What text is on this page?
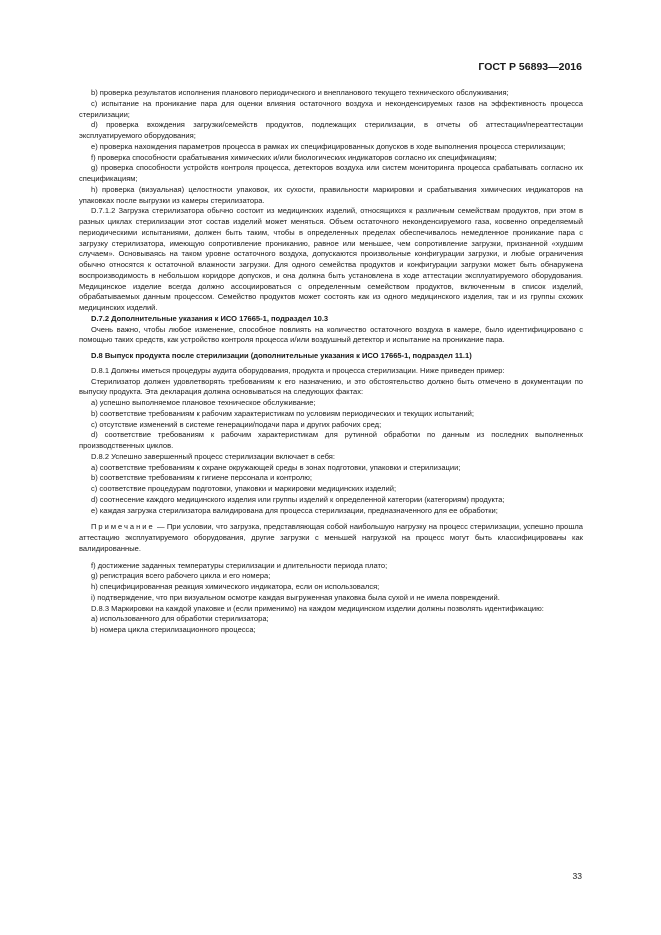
ГОСТ Р 56893—2016

b) проверка результатов исполнения планового периодического и внепланового текущего технического обслуживания;

c) испытание на проникание пара для оценки влияния остаточного воздуха и неконденсируемых газов на эффективность процесса стерилизации;

d) проверка вхождения загрузки/семейств продуктов, подлежащих стерилизации, в отчеты об аттестации/переаттестации эксплуатируемого оборудования;

e) проверка нахождения параметров процесса в рамках их специфицированных допусков в ходе выполнения процесса стерилизации;

f) проверка способности срабатывания химических и/или биологических индикаторов согласно их спецификациям;

g) проверка способности устройств контроля процесса, детекторов воздуха или систем мониторинга процесса срабатывать согласно их спецификациям;

h) проверка (визуальная) целостности упаковок, их сухости, правильности маркировки и срабатывания химических индикаторов на упаковках после выгрузки из камеры стерилизатора.

D.7.1.2 Загрузка стерилизатора обычно состоит из медицинских изделий, относящихся к различным семействам продуктов, при этом в разных циклах стерилизации этот состав изделий может меняться. Объем остаточного неконденсируемого газа, косвенно определяемый периодическими испытаниями, должен быть таким, чтобы в определенных пределах обеспечивалось немедленное проникание пара с загрузку стерилизатора, имеющую сопротивление проникaнию, равное или меньшее, чем сопротивление загрузки, признанной «худшим случаем». Основываясь на таком уровне остаточного воздуха, допускаются произвольные конфигурации загрузки, и любые ограничения обычно относятся к остаточной влажности загрузки. Для одного семейства продуктов и конфигурации загрузки может быть обнаружена воспроизводимость в небольшом коридоре допусков, и она должна быть установлена в ходе аттестации эксплуатируемого оборудования. Медицинское изделие всегда должно ассоциироваться с определенным семейством продуктов, включенным в список изделий, обрабатываемых данным процессом. Семейство продуктов может состоять как из одного медицинского изделия, так и из группы схожих медицинских изделий.

D.7.2 Дополнительные указания к ИСО 17665-1, подраздел 10.3

Очень важно, чтобы любое изменение, способное повлиять на количество остаточного воздуха в камере, было идентифицировано с помощью таких средств, как устройство контроля процесса и/или воздушный детектор и испытание на проникание пара.

D.8 Выпуск продукта после стерилизации (дополнительные указания к ИСО 17665-1, подраздел 11.1)

D.8.1 Должны иметься процедуры аудита оборудования, продукта и процесса стерилизации. Ниже приведен пример:

Стерилизатор должен удовлетворять требованиям к его назначению, и это обстоятельство должно быть отмечено в документации по выпуску продукта. Эта декларация должна основываться на следующих фактах:

a) успешно выполняемое плановое техническое обслуживание;

b) соответствие требованиям к рабочим характеристикам по условиям периодических и текущих испытаний;

c) отсутствие изменений в системе генерации/подачи пара и других рабочих сред;

d) соответствие требованиям к рабочим характеристикам для рутинной обработки по данным из последних выполненных производственных циклов.

D.8.2 Успешно завершенный процесс стерилизации включает в себя:

a) соответствие требованиям к охране окружающей среды в зонах подготовки, упаковки и стерилизации;

b) соответствие требованиям к гигиене персонала и контролю;

c) соответствие процедурам подготовки, упаковки и маркировки медицинских изделий;

d) соотнесение каждого медицинского изделия или группы изделий к определенной категории (категориям) продукта;

e) каждая загрузка стерилизатора валидирована для процесса стерилизации, предназначенного для ее обработки;

Примечание — При условии, что загрузка, представляющая собой наибольшую нагрузку на процесс стерилизации, успешно прошла аттестацию эксплуатируемого оборудования, другие загрузки с меньшей нагрузкой на процесс могут быть классифицированы как валидированные.

f) достижение заданных температуры стерилизации и длительности периода плато;

g) регистрация всего рабочего цикла и его номера;

h) специфицированная реакция химического индикатора, если он использовался;

i) подтверждение, что при визуальном осмотре каждая выгруженная упаковка была сухой и не имела повреждений.

D.8.3 Маркировки на каждой упаковке и (если применимо) на каждом медицинском изделии должны позволять идентификацию:

a) использованного для обработки стерилизатора;

b) номера цикла стерилизационного процесса;

33
